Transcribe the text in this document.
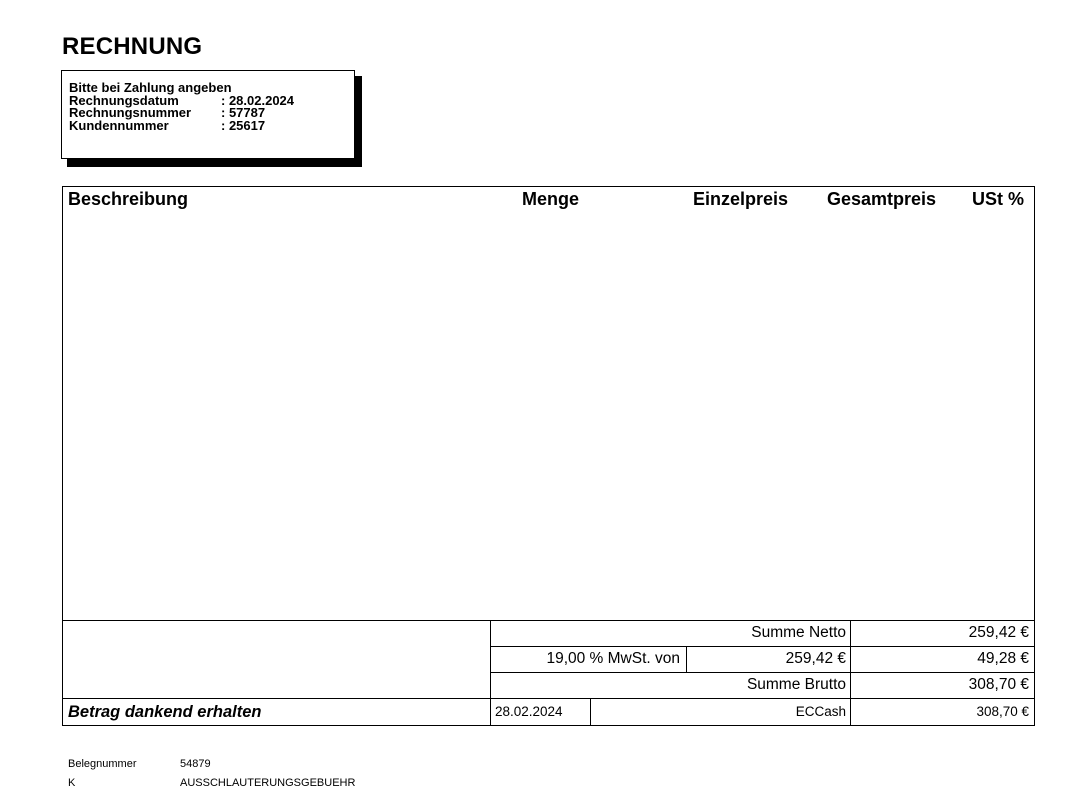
RECHNUNG
Bitte bei Zahlung angeben
Rechnungsdatum	: 28.02.2024
Rechnungsnummer	: 57787
Kundennummer	: 25617
Beschreibung	Menge	Einzelpreis Gesamtpreis USt %
Summe Netto	259,42 €
19,00 % MwSt. von	259,42 €	49,28 €
Summe Brutto	308,70 €
Betrag dankend erhalten	28.02.2024	ECCash	308,70 €
Belegnummer	54879
K	AUSSCHLAUTERUNGSGEBUEHR
